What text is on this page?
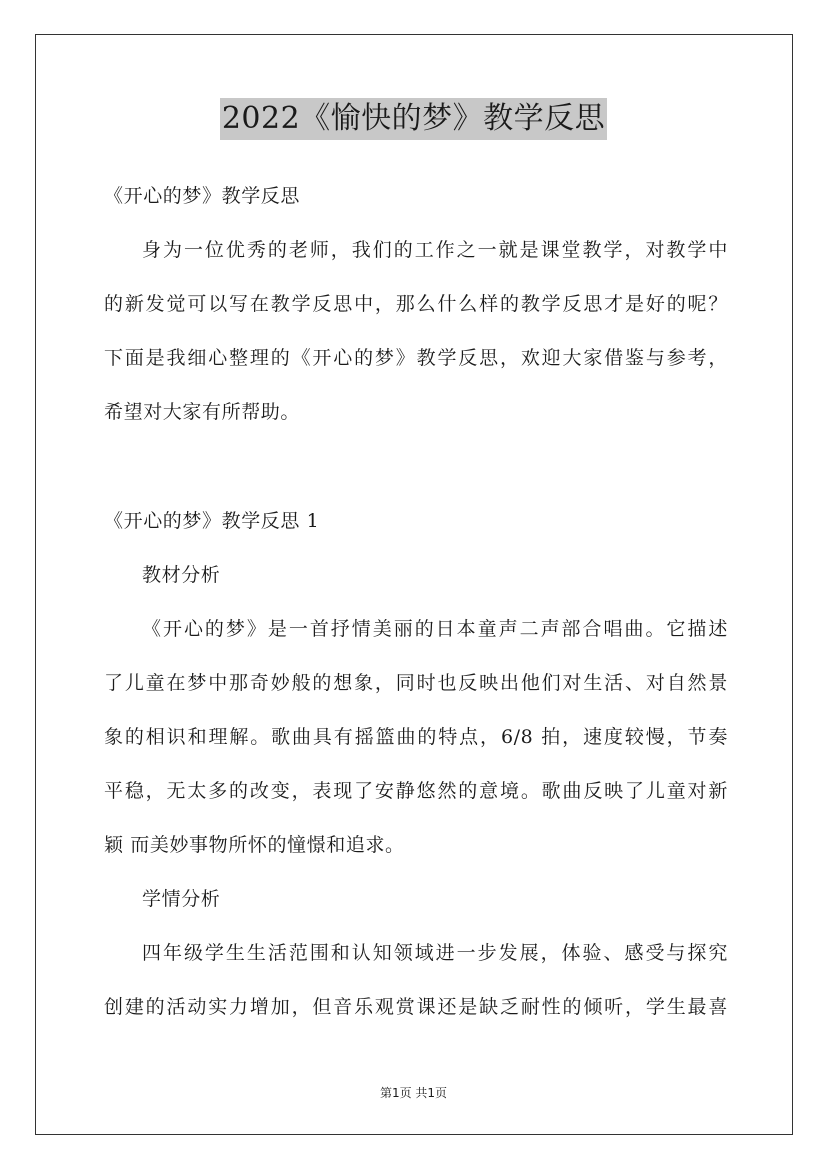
2022《愉快的梦》教学反思
《开心的梦》教学反思
身为一位优秀的老师，我们的工作之一就是课堂教学，对教学中
的新发觉可以写在教学反思中，那么什么样的教学反思才是好的呢？
下面是我细心整理的《开心的梦》教学反思，欢迎大家借鉴与参考，
希望对大家有所帮助。
《开心的梦》教学反思 1
教材分析
《开心的梦》是一首抒情美丽的日本童声二声部合唱曲。它描述
了儿童在梦中那奇妙般的想象，同时也反映出他们对生活、对自然景
象的相识和理解。歌曲具有摇篮曲的特点，6/8 拍，速度较慢，节奏
平稳，无太多的改变，表现了安静悠然的意境。歌曲反映了儿童对新
颖 而美妙事物所怀的憧憬和追求。
学情分析
四年级学生生活范围和认知领域进一步发展，体验、感受与探究
创建的活动实力增加，但音乐观赏课还是缺乏耐性的倾听，学生最喜
第1页 共1页
